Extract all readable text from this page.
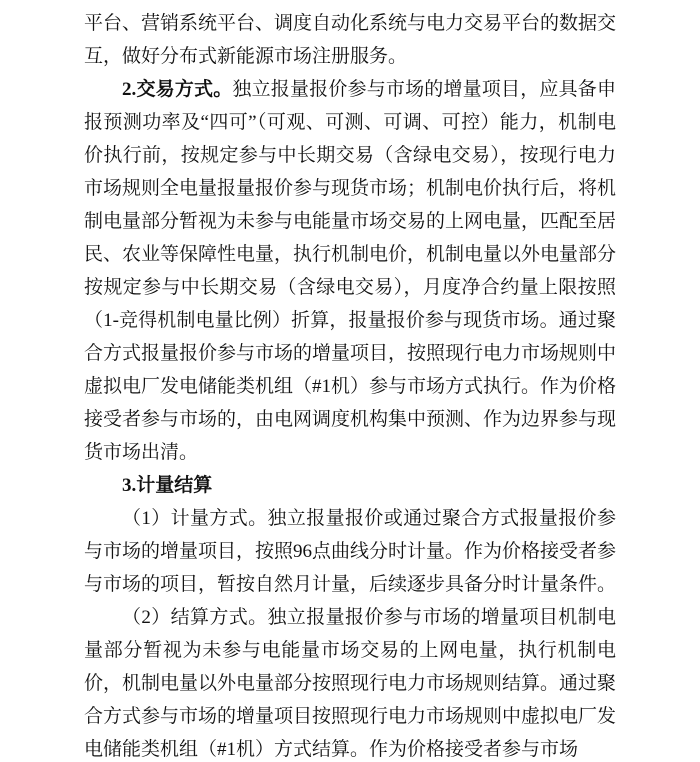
平台、营销系统平台、调度自动化系统与电力交易平台的数据交互，做好分布式新能源市场注册服务。

2.交易方式。独立报量报价参与市场的增量项目，应具备申报预测功率及“四可”（可观、可测、可调、可控）能力，机制电价执行前，按规定参与中长期交易（含绿电交易），按现行电力市场规则全电量报量报价参与现货市场；机制电价执行后，将机制电量部分暂视为未参与电能量市场交易的上网电量，匹配至居民、农业等保障性电量，执行机制电价，机制电量以外电量部分按规定参与中长期交易（含绿电交易），月度净合约量上限按照（1-竞得机制电量比例）折算，报量报价参与现货市场。通过聚合方式报量报价参与市场的增量项目，按照现行电力市场规则中虚拟电厂发电储能类机组（#1机）参与市场方式执行。作为价格接受者参与市场的，由电网调度机构集中预测、作为边界参与现货市场出清。

3.计量结算

（1）计量方式。独立报量报价或通过聚合方式报量报价参与市场的增量项目，按照96点曲线分时计量。作为价格接受者参与市场的项目，暂按自然月计量，后续逐步具备分时计量条件。

（2）结算方式。独立报量报价参与市场的增量项目机制电量部分暂视为未参与电能量市场交易的上网电量，执行机制电价，机制电量以外电量部分按照现行电力市场规则结算。通过聚合方式参与市场的增量项目按照现行电力市场规则中虚拟电厂发电储能类机组（#1机）方式结算。作为价格接受者参与市场
